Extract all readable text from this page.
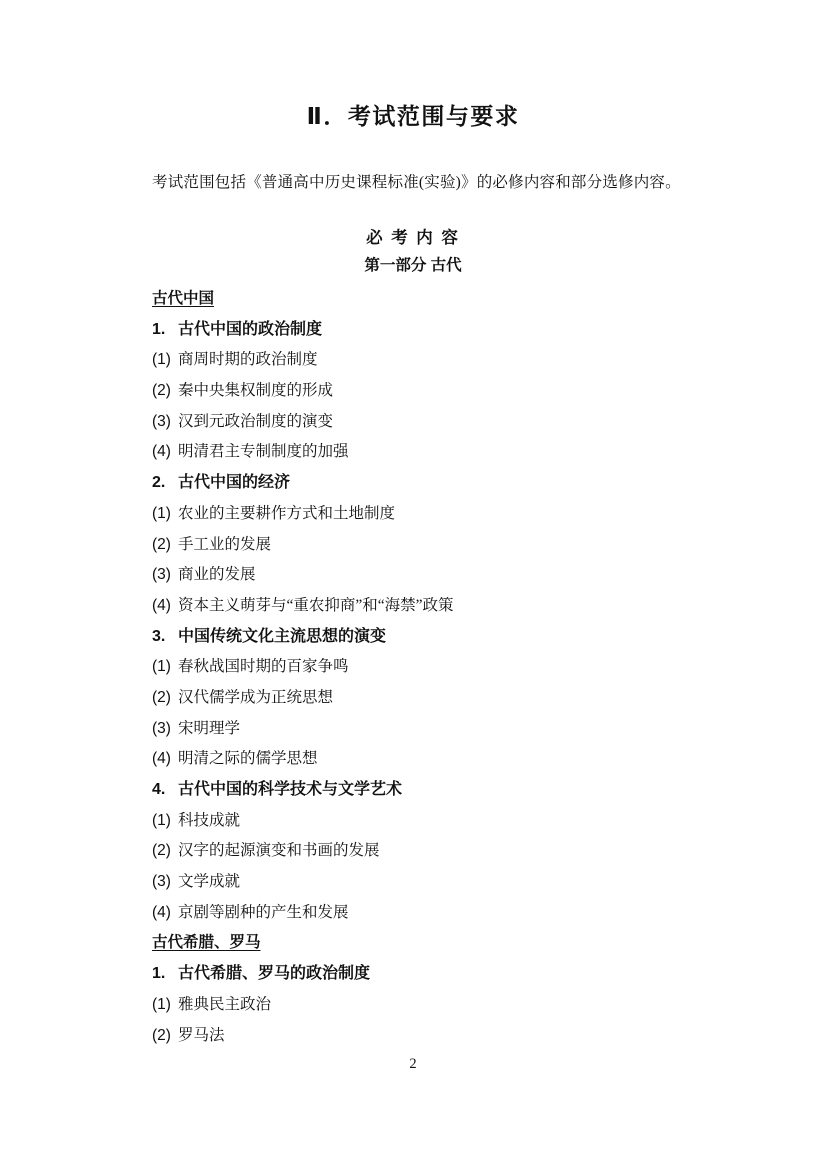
Ⅱ．考试范围与要求
考试范围包括《普通高中历史课程标准(实验)》的必修内容和部分选修内容。
必 考 内 容
第一部分 古代
古代中国
1. 古代中国的政治制度
(1) 商周时期的政治制度
(2) 秦中央集权制度的形成
(3) 汉到元政治制度的演变
(4) 明清君主专制制度的加强
2. 古代中国的经济
(1) 农业的主要耕作方式和土地制度
(2) 手工业的发展
(3) 商业的发展
(4) 资本主义萌芽与“重农抑商”和“海禁”政策
3. 中国传统文化主流思想的演变
(1) 春秋战国时期的百家争鸣
(2) 汉代儒学成为正统思想
(3) 宋明理学
(4) 明清之际的儒学思想
4. 古代中国的科学技术与文学艺术
(1) 科技成就
(2) 汉字的起源演变和书画的发展
(3) 文学成就
(4) 京剧等剧种的产生和发展
古代希腊、罗马
1. 古代希腊、罗马的政治制度
(1) 雅典民主政治
(2) 罗马法
2
